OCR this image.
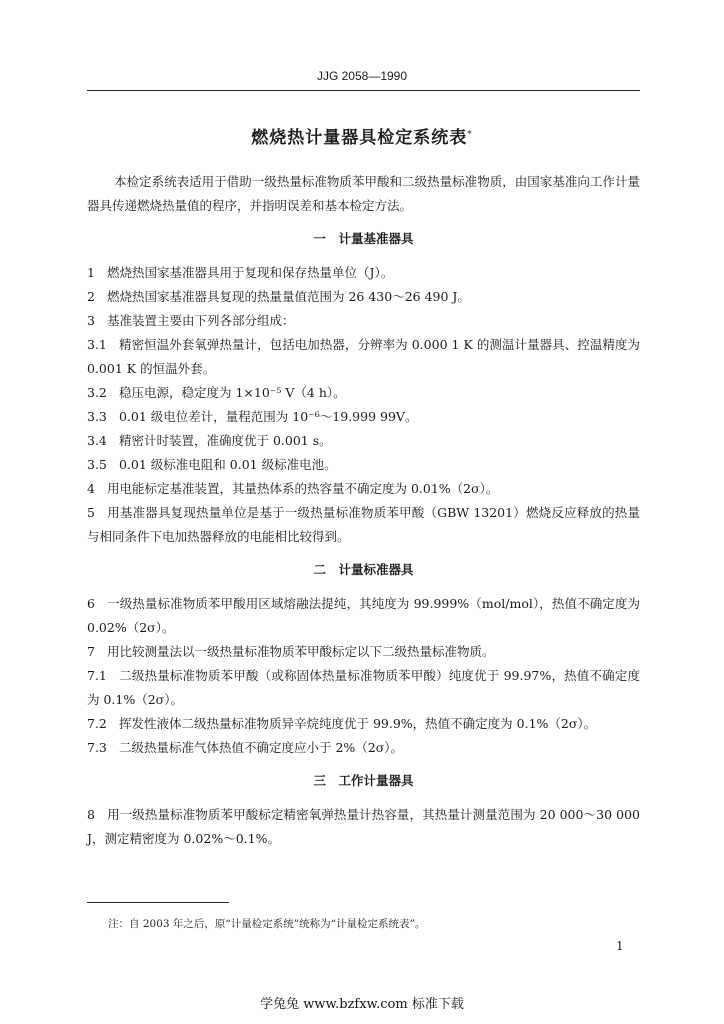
JJG 2058—1990
燃烧热计量器具检定系统表*

本检定系统表适用于借助一级热量标准物质苯甲酸和二级热量标准物质，由国家基准向工作计量器具传递燃烧热量值的程序，并指明误差和基本检定方法。

一　计量基准器具

1 燃烧热国家基准器具用于复现和保存热量单位（J）。

2 燃烧热国家基准器具复现的热量量值范围为 26 430～26 490 J。

3 基准装置主要由下列各部分组成：

3.1 精密恒温外套氧弹热量计，包括电加热器，分辨率为 0.000 1 K 的测温计量器具、控温精度为 0.001 K 的恒温外套。

3.2 稳压电源，稳定度为 1×10⁻⁵ V（4 h）。

3.3 0.01 级电位差计，量程范围为 10⁻⁶～19.999 99V。

3.4 精密计时装置，准确度优于 0.001 s。

3.5 0.01 级标准电阻和 0.01 级标准电池。

4 用电能标定基准装置，其量热体系的热容量不确定度为 0.01%（2σ）。

5 用基准器具复现热量单位是基于一级热量标准物质苯甲酸（GBW 13201）燃烧反应释放的热量与相同条件下电加热器释放的电能相比较得到。

二　计量标准器具

6 一级热量标准物质苯甲酸用区域熔融法提纯，其纯度为 99.999%（mol/mol），热值不确定度为 0.02%（2σ）。

7 用比较测量法以一级热量标准物质苯甲酸标定以下二级热量标准物质。

7.1 二级热量标准物质苯甲酸（或称固体热量标准物质苯甲酸）纯度优于 99.97%，热值不确定度为 0.1%（2σ）。

7.2 挥发性液体二级热量标准物质异辛烷纯度优于 99.9%，热值不确定度为 0.1%（2σ）。

7.3 二级热量标准气体热值不确定度应小于 2%（2σ）。

三　工作计量器具

8 用一级热量标准物质苯甲酸标定精密氧弹热量计热容量，其热量计测量范围为 20 000～30 000 J，测定精密度为 0.02%～0.1%。

注：自 2003 年之后，原“计量检定系统”统称为“计量检定系统表”。
1
学兔兔 www.bzfxw.com 标准下载
